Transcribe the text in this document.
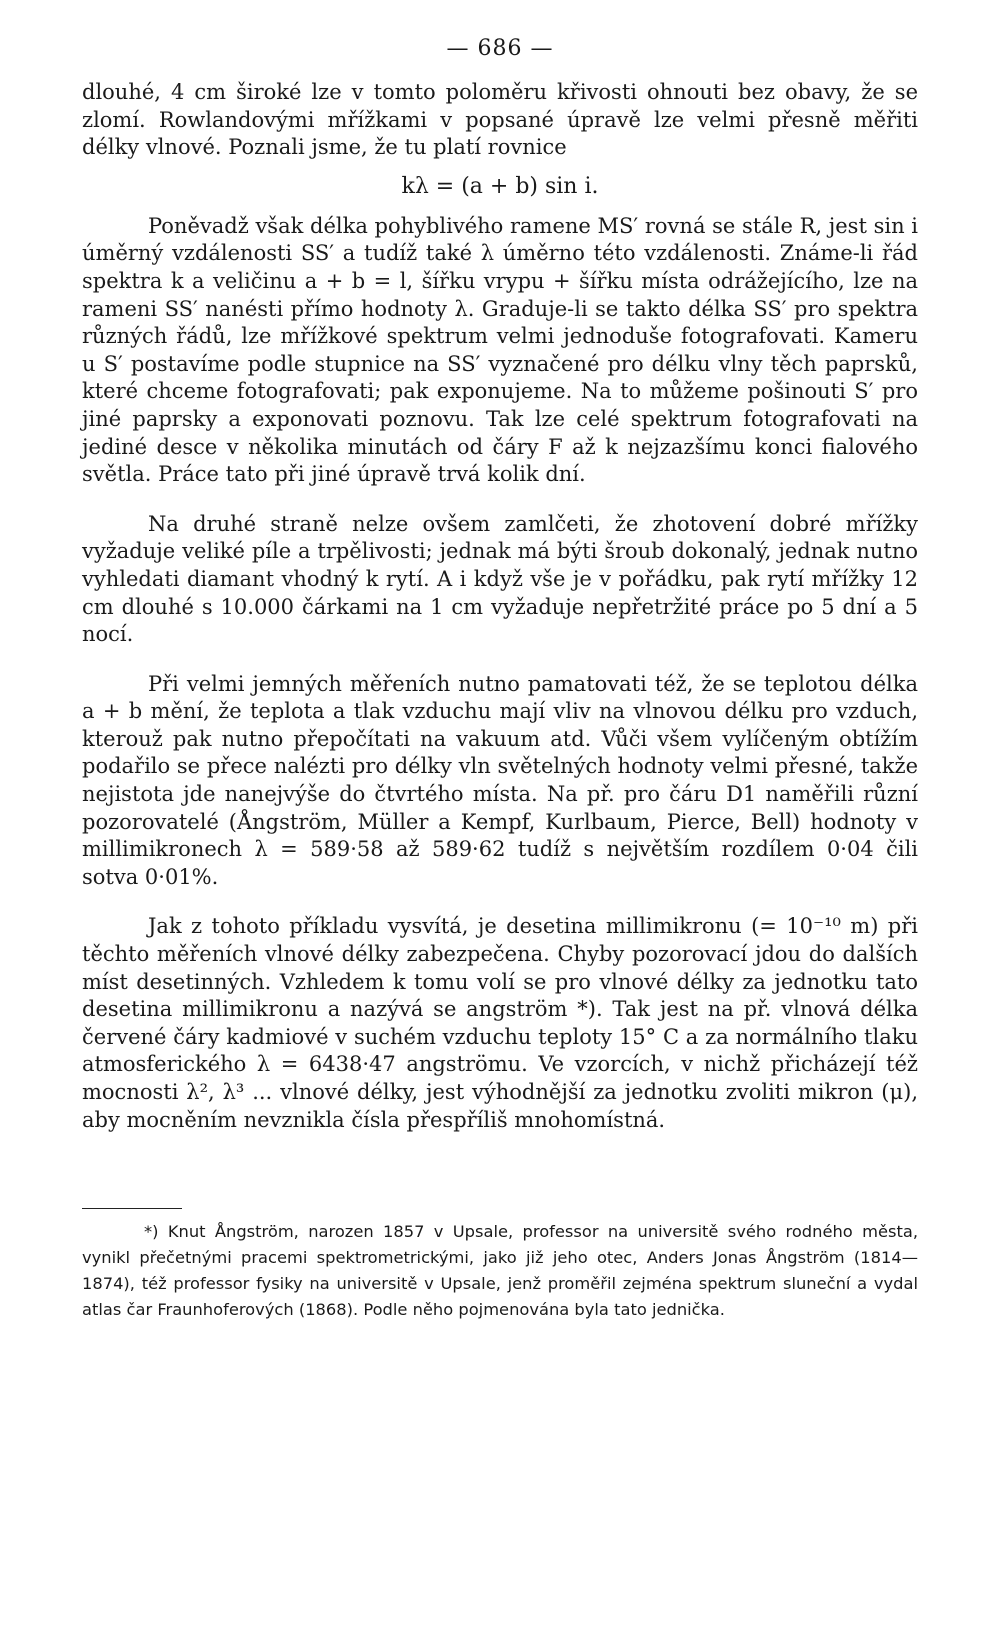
— 686 —

dlouhé, 4 cm široké lze v tomto poloměru křivosti ohnouti bez obavy, že se zlomí. Rowlandovými mřížkami v popsané úpravě lze velmi přesně měřiti délky vlnové. Poznali jsme, že tu platí rovnice

kλ = (a + b) sin i.

Poněvadž však délka pohyblivého ramene MS′ rovná se stále R, jest sin i úměrný vzdálenosti SS′ a tudíž také λ úměrno této vzdálenosti. Známe-li řád spektra k a veličinu a + b = l, šířku vrypu + šířku místa odrážejícího, lze na rameni SS′ nanésti přímo hodnoty λ. Graduje-li se takto délka SS′ pro spektra různých řádů, lze mřížkové spektrum velmi jednoduše fotografovati. Kameru u S′ postavíme podle stupnice na SS′ vyznačené pro délku vlny těch paprsků, které chceme fotografovati; pak exponujeme. Na to můžeme pošinouti S′ pro jiné paprsky a exponovati poznovu. Tak lze celé spektrum fotografovati na jediné desce v několika minutách od čáry F až k nejzazšímu konci fialového světla. Práce tato při jiné úpravě trvá kolik dní.

Na druhé straně nelze ovšem zamlčeti, že zhotovení dobré mřížky vyžaduje veliké píle a trpělivosti; jednak má býti šroub dokonalý, jednak nutno vyhledati diamant vhodný k rytí. A i když vše je v pořádku, pak rytí mřížky 12 cm dlouhé s 10.000 čárkami na 1 cm vyžaduje nepřetržité práce po 5 dní a 5 nocí.

Při velmi jemných měřeních nutno pamatovati též, že se teplotou délka a + b mění, že teplota a tlak vzduchu mají vliv na vlnovou délku pro vzduch, kterouž pak nutno přepočítati na vakuum atd. Vůči všem vylíčeným obtížím podařilo se přece nalézti pro délky vln světelných hodnoty velmi přesné, takže nejistota jde nanejvýše do čtvrtého místa. Na př. pro čáru D1 naměřili různí pozorovatelé (Ångström, Müller a Kempf, Kurlbaum, Pierce, Bell) hodnoty v millimikronech λ = 589·58 až 589·62 tudíž s největším rozdílem 0·04 čili sotva 0·01%.

Jak z tohoto příkladu vysvítá, je desetina millimikronu (= 10⁻¹⁰ m) při těchto měřeních vlnové délky zabezpečena. Chyby pozorovací jdou do dalších míst desetinných. Vzhledem k tomu volí se pro vlnové délky za jednotku tato desetina millimikronu a nazývá se angström *). Tak jest na př. vlnová délka červené čáry kadmiové v suchém vzduchu teploty 15° C a za normálního tlaku atmosferického λ = 6438·47 angströmu. Ve vzorcích, v nichž přicházejí též mocnosti λ², λ³ ... vlnové délky, jest výhodnější za jednotku zvoliti mikron (μ), aby mocněním nevznikla čísla přespříliš mnohomístná.

*) Knut Ångström, narozen 1857 v Upsale, professor na universitě svého rodného města, vynikl přečetnými pracemi spektrometrickými, jako již jeho otec, Anders Jonas Ångström (1814—1874), též professor fysiky na universitě v Upsale, jenž proměřil zejména spektrum sluneční a vydal atlas čar Fraunhoferových (1868). Podle něho pojmenována byla tato jednička.
